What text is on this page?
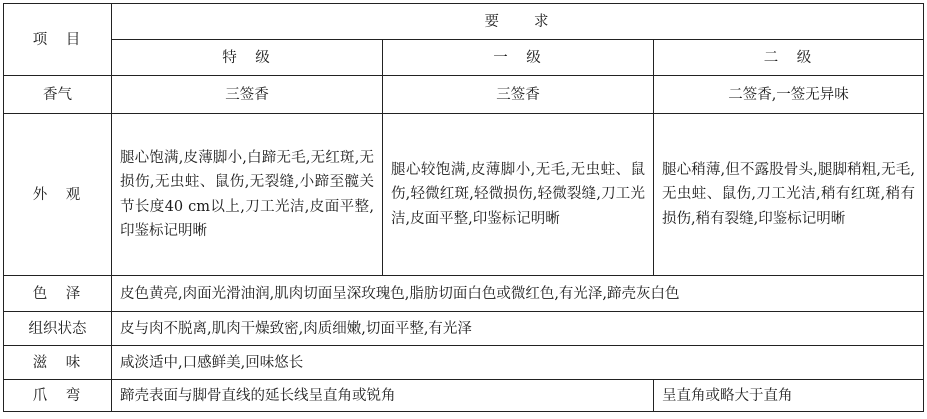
项　目	要　　求		
	特　级	一　级	二　级
香气	三签香	三签香	二签香,一签无异味
外　观	腿心饱满,皮薄脚小,白蹄无毛,无红斑,无损伤,无虫蛀、鼠伤,无裂缝,小蹄至髋关节长度40 cm以上,刀工光洁,皮面平整,印鉴标记明晰	腿心较饱满,皮薄脚小,无毛,无虫蛀、鼠伤,轻微红斑,轻微损伤,轻微裂缝,刀工光洁,皮面平整,印鉴标记明晰	腿心稍薄,但不露股骨头,腿脚稍粗,无毛,无虫蛀、鼠伤,刀工光洁,稍有红斑,稍有损伤,稍有裂缝,印鉴标记明晰
色　泽	皮色黄亮,肉面光滑油润,肌肉切面呈深玫瑰色,脂肪切面白色或微红色,有光泽,蹄壳灰白色		
组织状态	皮与肉不脱离,肌肉干燥致密,肉质细嫩,切面平整,有光泽		
滋　味	咸淡适中,口感鲜美,回味悠长		
爪　弯	蹄壳表面与脚骨直线的延长线呈直角或锐角		呈直角或略大于直角
